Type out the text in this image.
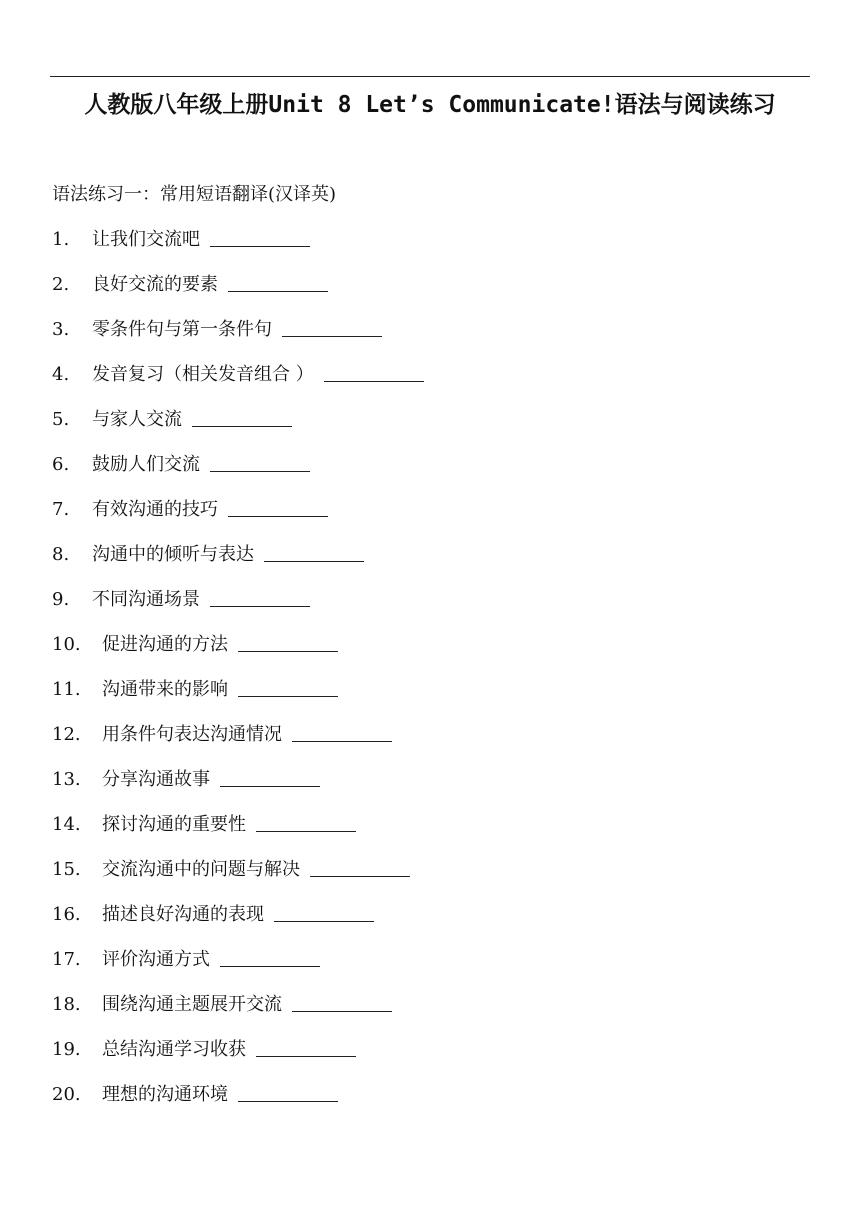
人教版八年级上册Unit 8 Let’s Communicate!语法与阅读练习
语法练习一：常用短语翻译(汉译英)
1.	让我们交流吧
2.	良好交流的要素
3.	零条件句与第一条件句
4.	发音复习（相关发音组合 ）
5.	与家人交流
6.	鼓励人们交流
7.	有效沟通的技巧
8.	沟通中的倾听与表达
9.	不同沟通场景
10.	促进沟通的方法
11.	沟通带来的影响
12.	用条件句表达沟通情况
13.	分享沟通故事
14.	探讨沟通的重要性
15.	交流沟通中的问题与解决
16.	描述良好沟通的表现
17.	评价沟通方式
18.	围绕沟通主题展开交流
19.	总结沟通学习收获
20.	理想的沟通环境
